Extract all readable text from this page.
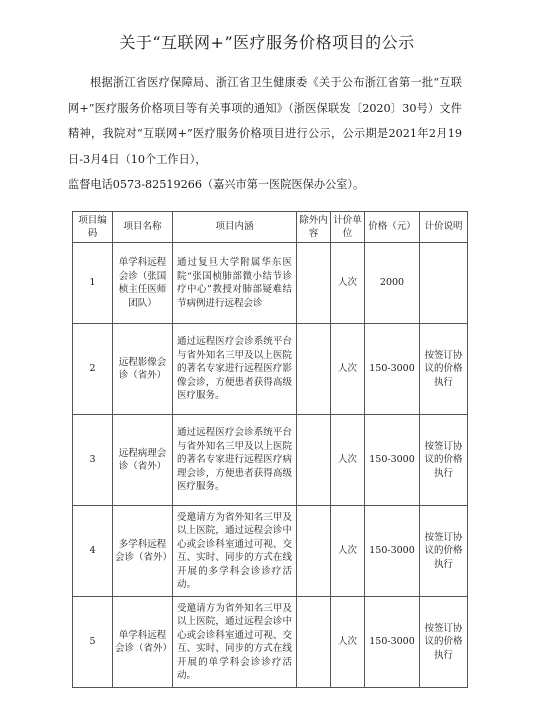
关于“互联网+”医疗服务价格项目的公示

根据浙江省医疗保障局、浙江省卫生健康委《关于公布浙江省第一批“互联网+”医疗服务价格项目等有关事项的通知》（浙医保联发〔2020〕30号）文件精神，我院对“互联网+”医疗服务价格项目进行公示，公示期是2021年2月19日-3月4日（10个工作日），

监督电话0573-82519266（嘉兴市第一医院医保办公室）。

项目编码	项目名称	项目内涵	除外内容	计价单位	价格（元）	计价说明
1	单学科远程会诊（张国桢主任医师团队）	通过复旦大学附属华东医院“张国桢肺部微小结节诊疗中心”教授对肺部疑难结节病例进行远程会诊		人次	2000	
2	远程影像会诊（省外）	通过远程医疗会诊系统平台与省外知名三甲及以上医院的著名专家进行远程医疗影像会诊，方便患者获得高级医疗服务。		人次	150-3000	按签订协议的价格执行
3	远程病理会诊（省外）	通过远程医疗会诊系统平台与省外知名三甲及以上医院的著名专家进行远程医疗病理会诊，方便患者获得高级医疗服务。		人次	150-3000	按签订协议的价格执行
4	多学科远程会诊（省外）	受邀请方为省外知名三甲及以上医院，通过远程会诊中心或会诊科室通过可视、交互、实时、同步的方式在线开展的多学科会诊诊疗活动。		人次	150-3000	按签订协议的价格执行
5	单学科远程会诊（省外）	受邀请方为省外知名三甲及以上医院，通过远程会诊中心或会诊科室通过可视、交互、实时、同步的方式在线开展的单学科会诊诊疗活动。		人次	150-3000	按签订协议的价格执行
